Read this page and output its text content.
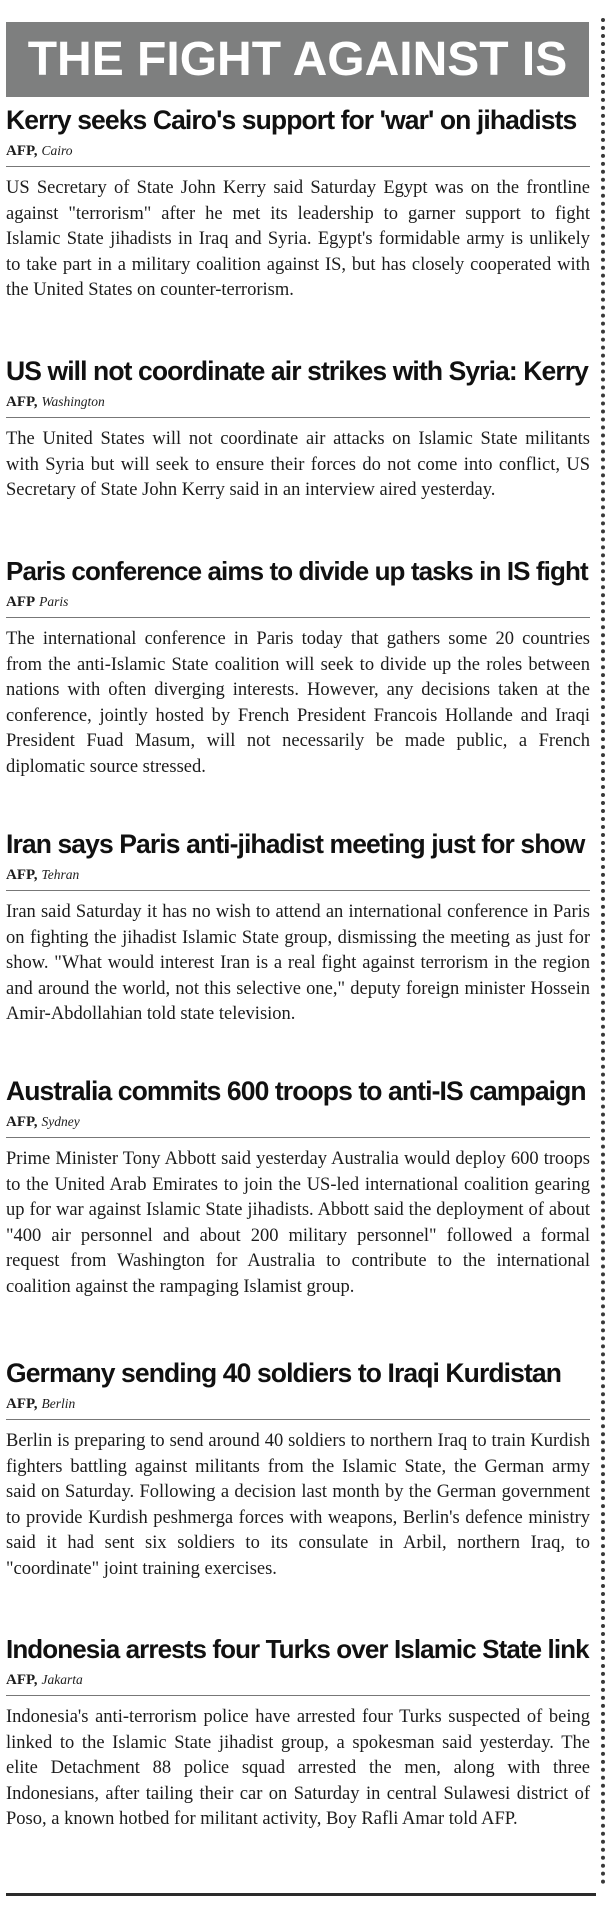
THE FIGHT AGAINST IS
Kerry seeks Cairo's support for 'war' on jihadists
AFP, Cairo
US Secretary of State John Kerry said Saturday Egypt was on the frontline against "terrorism" after he met its leadership to garner support to fight Islamic State jihadists in Iraq and Syria. Egypt's formidable army is unlikely to take part in a military coalition against IS, but has closely cooperated with the United States on counter-terrorism.
US will not coordinate air strikes with Syria: Kerry
AFP, Washington
The United States will not coordinate air attacks on Islamic State militants with Syria but will seek to ensure their forces do not come into conflict, US Secretary of State John Kerry said in an interview aired yesterday.
Paris conference aims to divide up tasks in IS fight
AFP Paris
The international conference in Paris today that gathers some 20 countries from the anti-Islamic State coalition will seek to divide up the roles between nations with often diverging interests. However, any decisions taken at the conference, jointly hosted by French President Francois Hollande and Iraqi President Fuad Masum, will not necessarily be made public, a French diplomatic source stressed.
Iran says Paris anti-jihadist meeting just for show
AFP, Tehran
Iran said Saturday it has no wish to attend an international conference in Paris on fighting the jihadist Islamic State group, dismissing the meeting as just for show. "What would interest Iran is a real fight against terrorism in the region and around the world, not this selective one," deputy foreign minister Hossein Amir-Abdollahian told state television.
Australia commits 600 troops to anti-IS campaign
AFP, Sydney
Prime Minister Tony Abbott said yesterday Australia would deploy 600 troops to the United Arab Emirates to join the US-led international coalition gearing up for war against Islamic State jihadists. Abbott said the deployment of about "400 air personnel and about 200 military personnel" followed a formal request from Washington for Australia to contribute to the international coalition against the rampaging Islamist group.
Germany sending 40 soldiers to Iraqi Kurdistan
AFP, Berlin
Berlin is preparing to send around 40 soldiers to northern Iraq to train Kurdish fighters battling against militants from the Islamic State, the German army said on Saturday. Following a decision last month by the German government to provide Kurdish peshmerga forces with weapons, Berlin's defence ministry said it had sent six soldiers to its consulate in Arbil, northern Iraq, to "coordinate" joint training exercises.
Indonesia arrests four Turks over Islamic State link
AFP, Jakarta
Indonesia's anti-terrorism police have arrested four Turks suspected of being linked to the Islamic State jihadist group, a spokesman said yesterday. The elite Detachment 88 police squad arrested the men, along with three Indonesians, after tailing their car on Saturday in central Sulawesi district of Poso, a known hotbed for militant activity, Boy Rafli Amar told AFP.
